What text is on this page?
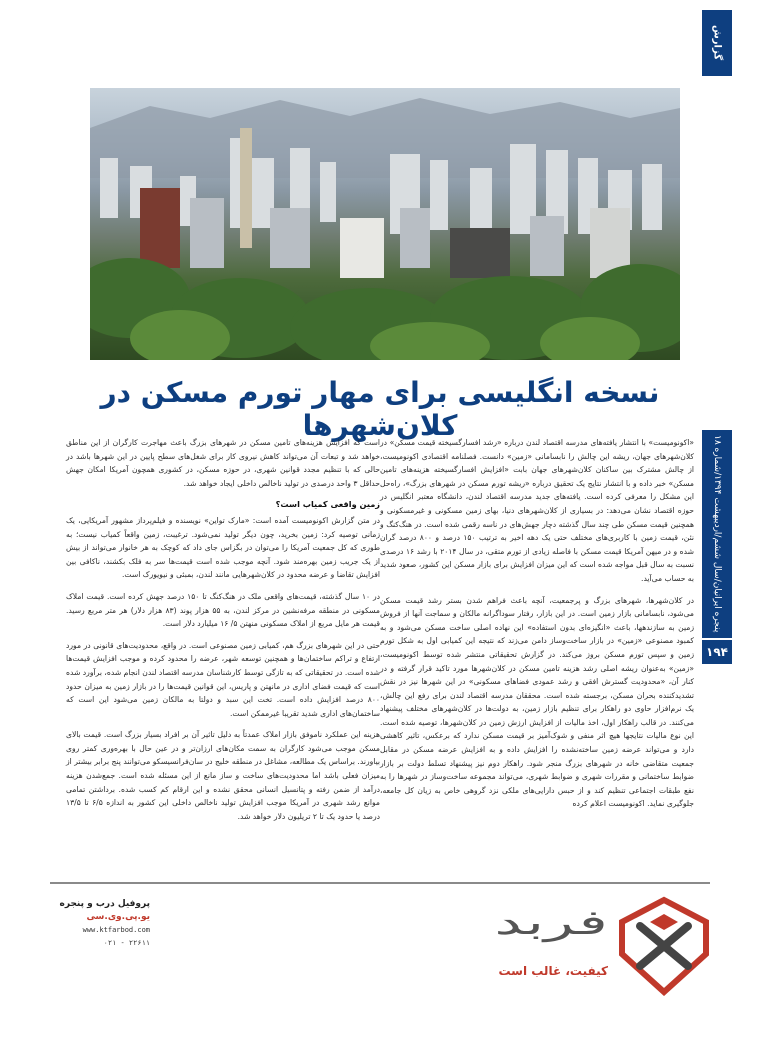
گزارش
نسخه انگلیسی برای مهار تورم مسکن در کلان‌شهرها	پنجره ایرانیان/سال ششم/اردیبهشت ۱۳۹۴/شماره ۱۸
۱۹۴

«اکونومیست» با انتشار یافته‌های مدرسه اقتصاد لندن درباره «رشد افسارگسیخته قیمت مسکن» در کلان‌شهرهای جهان، ریشه این چالش را نابسامانی «زمین» دانست. فصلنامه اقتصادی اکونومیست، از چالش مشترک بین ساکنان کلان‌شهرهای جهان بابت «افزایش افسارگسیخته هزینه‌های تامین مسکن» خبر داده و با انتشار نتایج یک تحقیق درباره «ریشه تورم مسکن در شهرهای بزرگ»، راه‌حل این مشکل را معرفی کرده است. یافته‌های جدید مدرسه اقتصاد لندن، دانشگاه معتبر انگلیس در حوزه اقتصاد نشان می‌دهد: در بسیاری از کلان‌شهرهای دنیا، بهای زمین مسکونی و غیرمسکونی و همچنین قیمت مسکن طی چند سال گذشته دچار جهش‌های در ناسه رقمی شده است. در هنگ‌کنگ و نئن، قیمت زمین با کاربری‌های مختلف حتی یک دهه اخیر به ترتیب ۱۵۰ درصد و ۸۰۰ درصد گران شده و در میهن آمریکا قیمت مسکن با فاصله زیادی از تورم متقی، در سال ۲۰۱۴ با رشد ۱۶ درصدی نسبت به سال قبل مواجه شده است که این میزان افزایش برای بازار مسکن این کشور، صعود شدید به حساب می‌آید.

در کلان‌شهرها، شهرهای بزرگ و پرجمعیت، آنچه باعث فراهم شدن بستر رشد قیمت مسکن می‌شود، نابسامانی بازار زمین است. در این بازار، رفتار سوداگرانه مالکان و سماجت آنها از فروش زمین به سازندهها، باعث «انگیزه‌ای بدون استفاده» این نهاده اصلی ساخت مسکن می‌شود و به کمبود مصنوعی «زمین» در بازار ساخت‌وساز دامن می‌زند که نتیجه این کمیابی اول به شکل تورم زمین و سپس تورم مسکن بروز می‌کند. در گزارش تحقیقاتی منتشر شده توسط اکونومیست، «زمین» به‌عنوان ریشه اصلی رشد هزینه تامین مسکن در کلان‌شهرها مورد تاکید قرار گرفته و در کنار آن، «محدودیت گسترش افقی و رشد عمودی فضاهای مسکونی» در این شهرها نیز در نقش تشدیدکننده بحران مسکن، برجسته شده است. محققان مدرسه اقتصاد لندن برای رفع این چالش، یک نرم‌افزار حاوی دو راهکار برای تنظیم بازار زمین، به دولت‌ها در کلان‌شهرهای مختلف پیشنهاد می‌کنند. در قالب راهکار اول، اخذ مالیات از افزایش ارزش زمین در کلان‌شهرها، توصیه شده است. این نوع مالیات نتایجها هیچ اثر منفی و شوک‌آمیز بر قیمت مسکن ندارد که برعکس، تاثیر کاهشی دارد و می‌تواند عرضه زمین ساخته‌نشده را افزایش داده و به افزایش عرضه مسکن در مقابل جمعیت متقاضی خانه در شهرهای بزرگ منجر شود. راهکار دوم نیز پیشنهاد تسلط دولت بر بازار ضوابط ساختمانی و مقررات شهری و ضوابط شهری، می‌تواند مجموعه ساخت‌وساز در شهرها را به نفع طبقات اجتماعی تنظیم کند و از حبس دارایی‌های ملکی نزد گروهی خاص به زیان کل جامعه، جلوگیری نماید. اکونومیست اعلام کرده

است که افزایش هزینه‌های تامین مسکن در شهرهای بزرگ باعث مهاجرت کارگران از این مناطق خواهد شد و تبعات آن می‌تواند کاهش نیروی کار برای شغل‌های سطح پایین در این شهرها باشد در حالی که با تنظیم مجدد قوانین شهری، در حوزه مسکن، در کشوری همچون آمریکا امکان جهش حداقل ۳ واحد درصدی در تولید ناخالص داخلی ایجاد خواهد شد.

زمین واقعی کمیاب است؟

در متن گزارش اکونومیست آمده است: «مارک تواین» نویسنده و فیلم‌پرداز مشهور آمریکایی، یک زمانی توصیه کرد: زمین بخرید، چون دیگر تولید نمی‌شود. ترغیبت، زمین واقعاً کمیاب نیست؛ به طوری که کل جمعیت آمریکا را می‌توان در بگزاس جای داد که کوچک به هر خانوار می‌تواند از بیش از یک جریب زمین بهره‌مند شود. آنچه موجب شده است قیمت‌ها سر به فلک بکشند، ناکافی بین افزایش تقاضا و عرضه محدود در کلان‌شهرهایی مانند لندن، بمبئی و نیویورک است.

در ۱۰ سال گذشته، قیمت‌های واقعی ملک در هنگ‌کنگ تا ۱۵۰ درصد جهش کرده است. قیمت املاک مسکونی در منطقه مرفه‌نشین در مرکز لندن، به ۵۵ هزار پوند (۸۳ هزار دلار) هر متر مربع رسید. قیمت هر مایل مربع از املاک مسکونی منهتن ۵/ ۱۶ میلیارد دلار است.

حتی در این شهرهای بزرگ هم، کمیابی زمین مصنوعی است. در واقع، محدودیت‌های قانونی در مورد ارتفاع و تراکم ساختمان‌ها و همچنین توسعه شهر، عرضه را محدود کرده و موجب افزایش قیمت‌ها شده است. در تحقیقاتی که به تازگی توسط کارشناسان مدرسه اقتصاد لندن انجام شده، برآورد شده است که قیمت فضای اداری در مانهتن و پاریس، این قوانین قیمت‌ها را در بازار زمین به میزان حدود ۸۰۰ درصد افزایش داده است. تخت این سبد و دولتا به مالکان زمین می‌شود این است که ساختمان‌های اداری شدید تقریبا غیرممکن است.

هزینه این عملکرد ناموفق بازار املاک عمدتاً به دلیل تاثیر آن بر افراد بسیار بزرگ است. قیمت بالای مسکن موجب می‌شود کارگران به سمت مکان‌های ارزان‌تر و در عین حال با بهره‌وری کمتر روی بیاورند. براساس یک مطالعه، مشاغل در منطقه خلیج در سان‌فرانسیسکو می‌توانند پنج برابر بیشتر از میزان فعلی باشد اما محدودیت‌های ساخت و ساز مانع از این مسئله شده است. جمع‌شدن هزینه درآمد از ضمن رفته و پتانسیل انسانی محقق نشده و این ارقام کم کسب شده. برداشتن تمامی موانع رشد شهری در آمریکا موجب افزایش تولید ناخالص داخلی این کشور به اندازه ۶/۵ تا ۱۳/۵ درصد یا حدود یک تا ۲ تریلیون دلار خواهد شد.

فربد
کیفیت، غالب است
پروفیل درب و پنجره
یو.پی.وی.سی
www.ktfarbod.com
۰۲۱ - ۲۲۶۱۱
